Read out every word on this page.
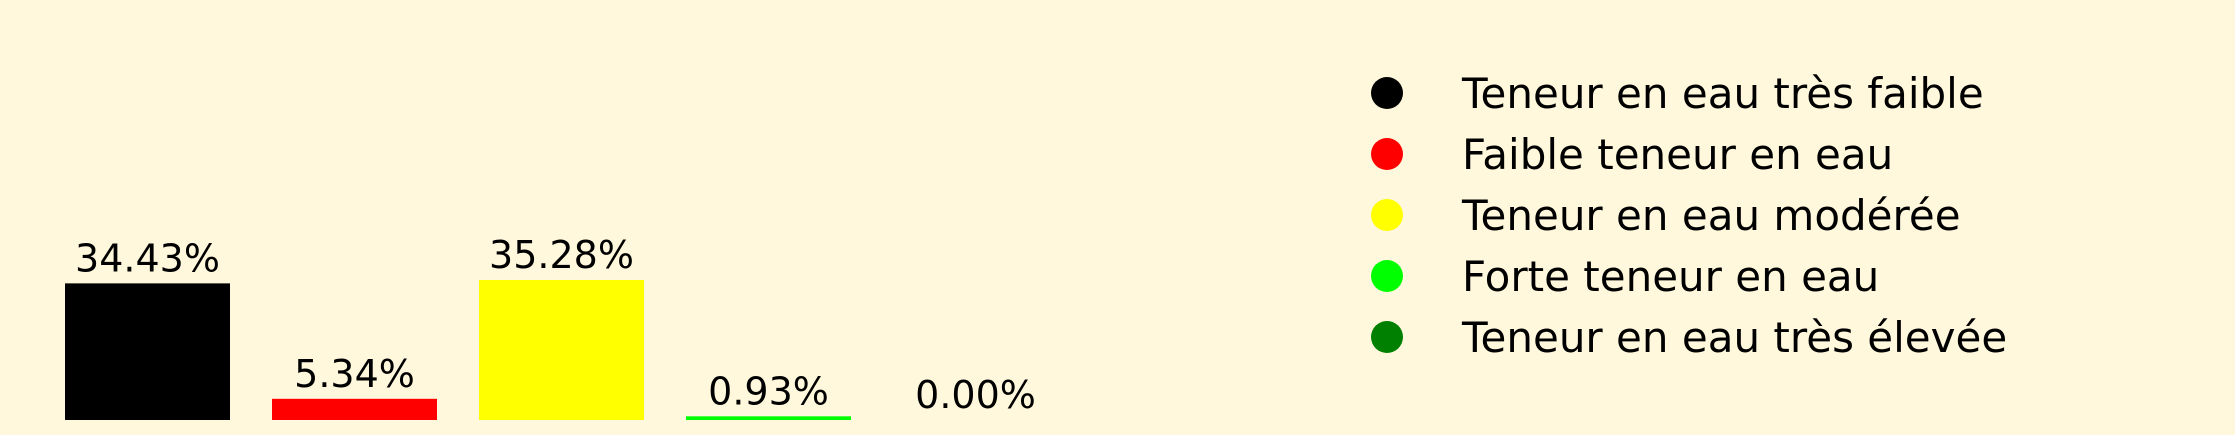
34.43%
5.34%
35.28%
0.93% 0.00%
Teneur en eau très faible
Faible teneur en eau
Teneur en eau modérée
Forte teneur en eau
Teneur en eau très élevée
